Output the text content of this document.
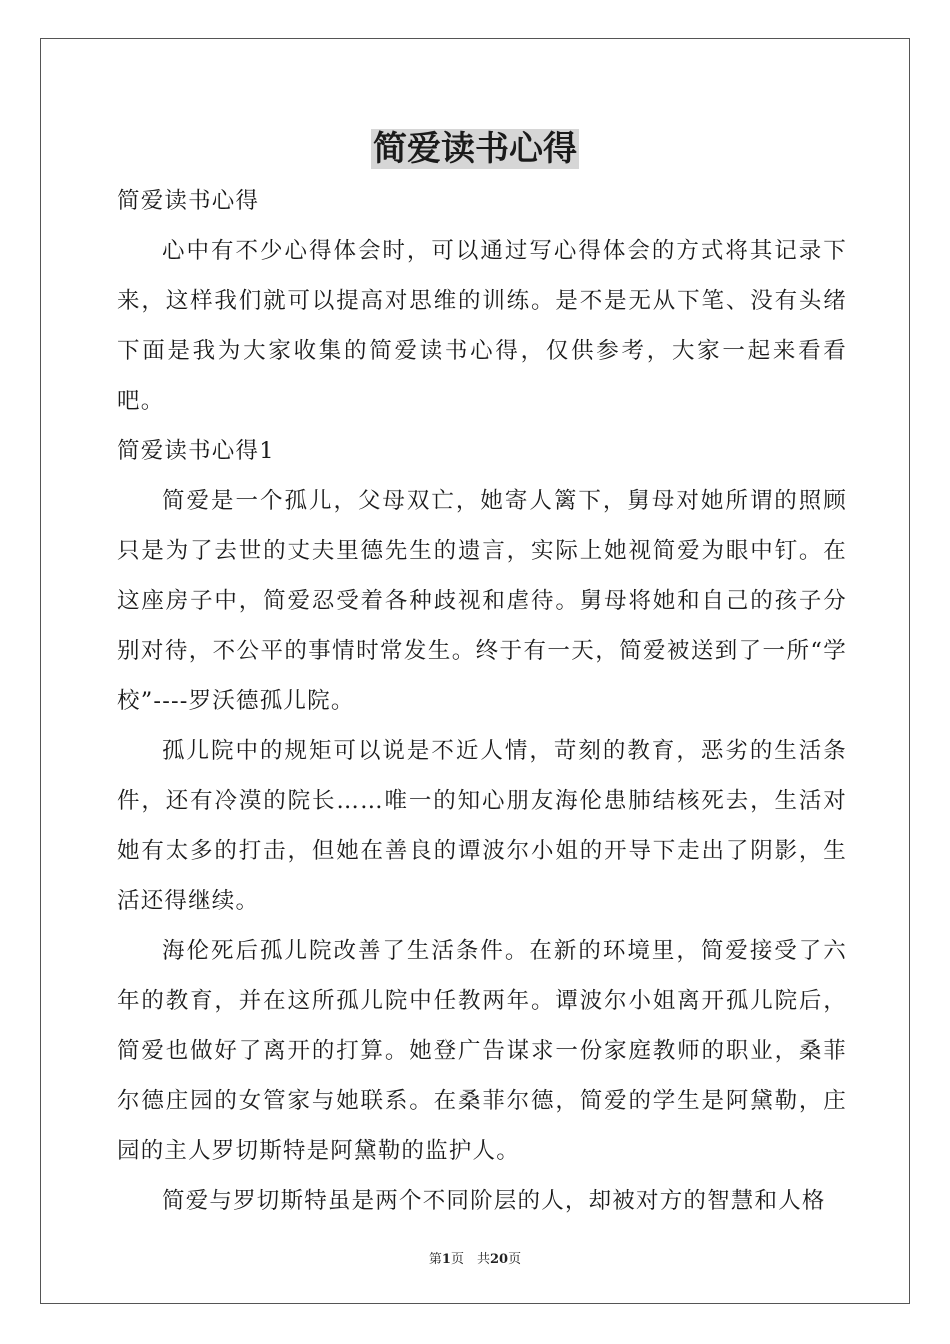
简爱读书心得
简爱读书心得
心中有不少心得体会时，可以通过写心得体会的方式将其记录下来，这样我们就可以提高对思维的训练。是不是无从下笔、没有头绪下面是我为大家收集的简爱读书心得，仅供参考，大家一起来看看吧。
简爱读书心得1
简爱是一个孤儿，父母双亡，她寄人篱下，舅母对她所谓的照顾只是为了去世的丈夫里德先生的遗言，实际上她视简爱为眼中钉。在这座房子中，简爱忍受着各种歧视和虐待。舅母将她和自己的孩子分别对待，不公平的事情时常发生。终于有一天，简爱被送到了一所“学校”----罗沃德孤儿院。
孤儿院中的规矩可以说是不近人情，苛刻的教育，恶劣的生活条件，还有冷漠的院长……唯一的知心朋友海伦患肺结核死去，生活对她有太多的打击，但她在善良的谭波尔小姐的开导下走出了阴影，生活还得继续。
海伦死后孤儿院改善了生活条件。在新的环境里，简爱接受了六年的教育，并在这所孤儿院中任教两年。谭波尔小姐离开孤儿院后，简爱也做好了离开的打算。她登广告谋求一份家庭教师的职业，桑菲尔德庄园的女管家与她联系。在桑菲尔德，简爱的学生是阿黛勒，庄园的主人罗切斯特是阿黛勒的监护人。
简爱与罗切斯特虽是两个不同阶层的人，却被对方的智慧和人格
第1页　共20页
